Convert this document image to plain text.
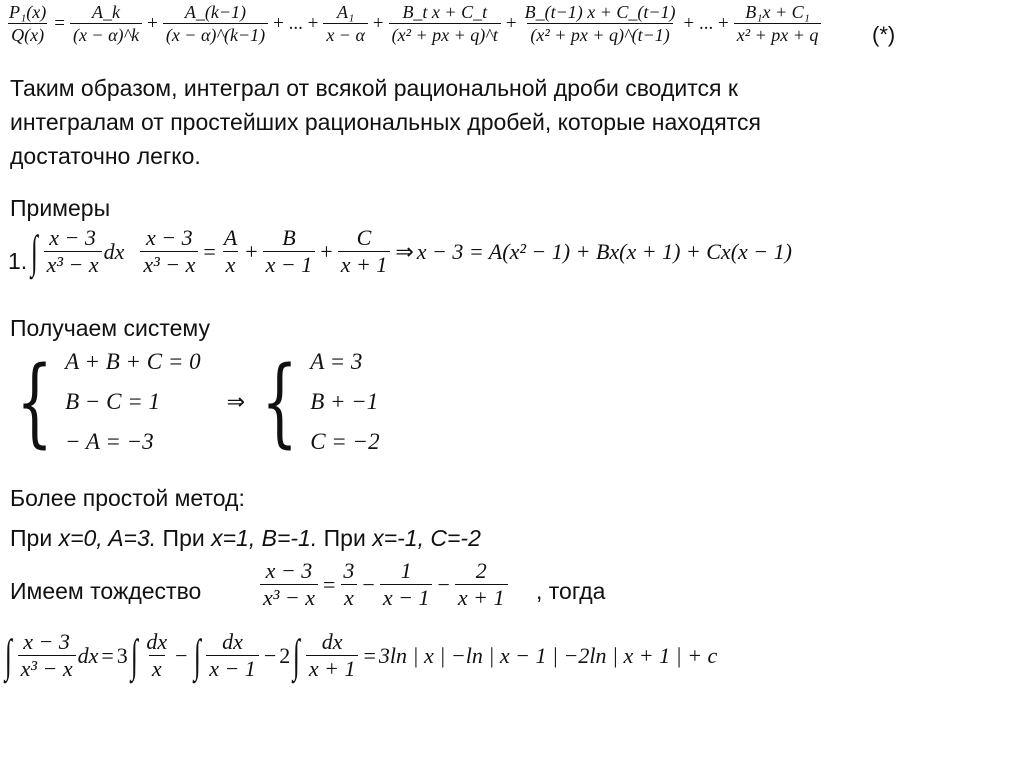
$\frac{\text{P₁(x)}}{Q(x)} = \frac{A\_k}{(x - \alpha)\^{}k} + \frac{A\_(k-1)}{(x - \alpha)\^{}(k-1)}$ + ... + $\frac{\text{A₁}}{x - \alpha} + \frac{\text{B\_t x + C\_t}}{\text{(x² + px + q)\textasciicircum{}t}} + \frac{B\_(t-1) x + C\_(t-1)}{\text{(x² + px + q)\textasciicircum{}(t−1)}}$ + ... + $\frac{\text{B₁x + C₁}}{\text{x² + px + q}}$ (*)
Таким образом, интеграл от всякой рациональной дроби сводится к
интегралам от простейших рациональных дробей, которые находятся
достаточно легко.
Примеры
1. ∫ $\frac{x - 3}{\text{x³ − x}}$ dx $\frac{x - 3}{\text{x³ − x}} = \frac{A}{x} + \frac{B}{x - 1} + \frac{C}{x + 1}$ ⇒ x − 3 = A(x² − 1) + Bx(x + 1) + Cx(x − 1)
Получаем систему
{ A + B + C = 0
B − C = 1
− A = −3
⇒ { A = 3
B + −1
C = −2
Более простой метод:
При x=0, A=3. При x=1, B=-1. При x=-1, C=-2
Имеем тождество	$\frac{x - 3}{\text{x³ − x}} = \frac{3}{x} - \frac{1}{x - 1} - \frac{2}{x + 1}$ , тогда
∫ $\frac{x - 3}{\text{x³ − x}}$ dx = 3 ∫ $\frac{dx}{x}$ − ∫ $\frac{dx}{x - 1} - 2$ ∫ $\frac{dx}{x + 1} = 3\ln$ | x | −ln | x − 1 | −2ln | x + 1 | + c
